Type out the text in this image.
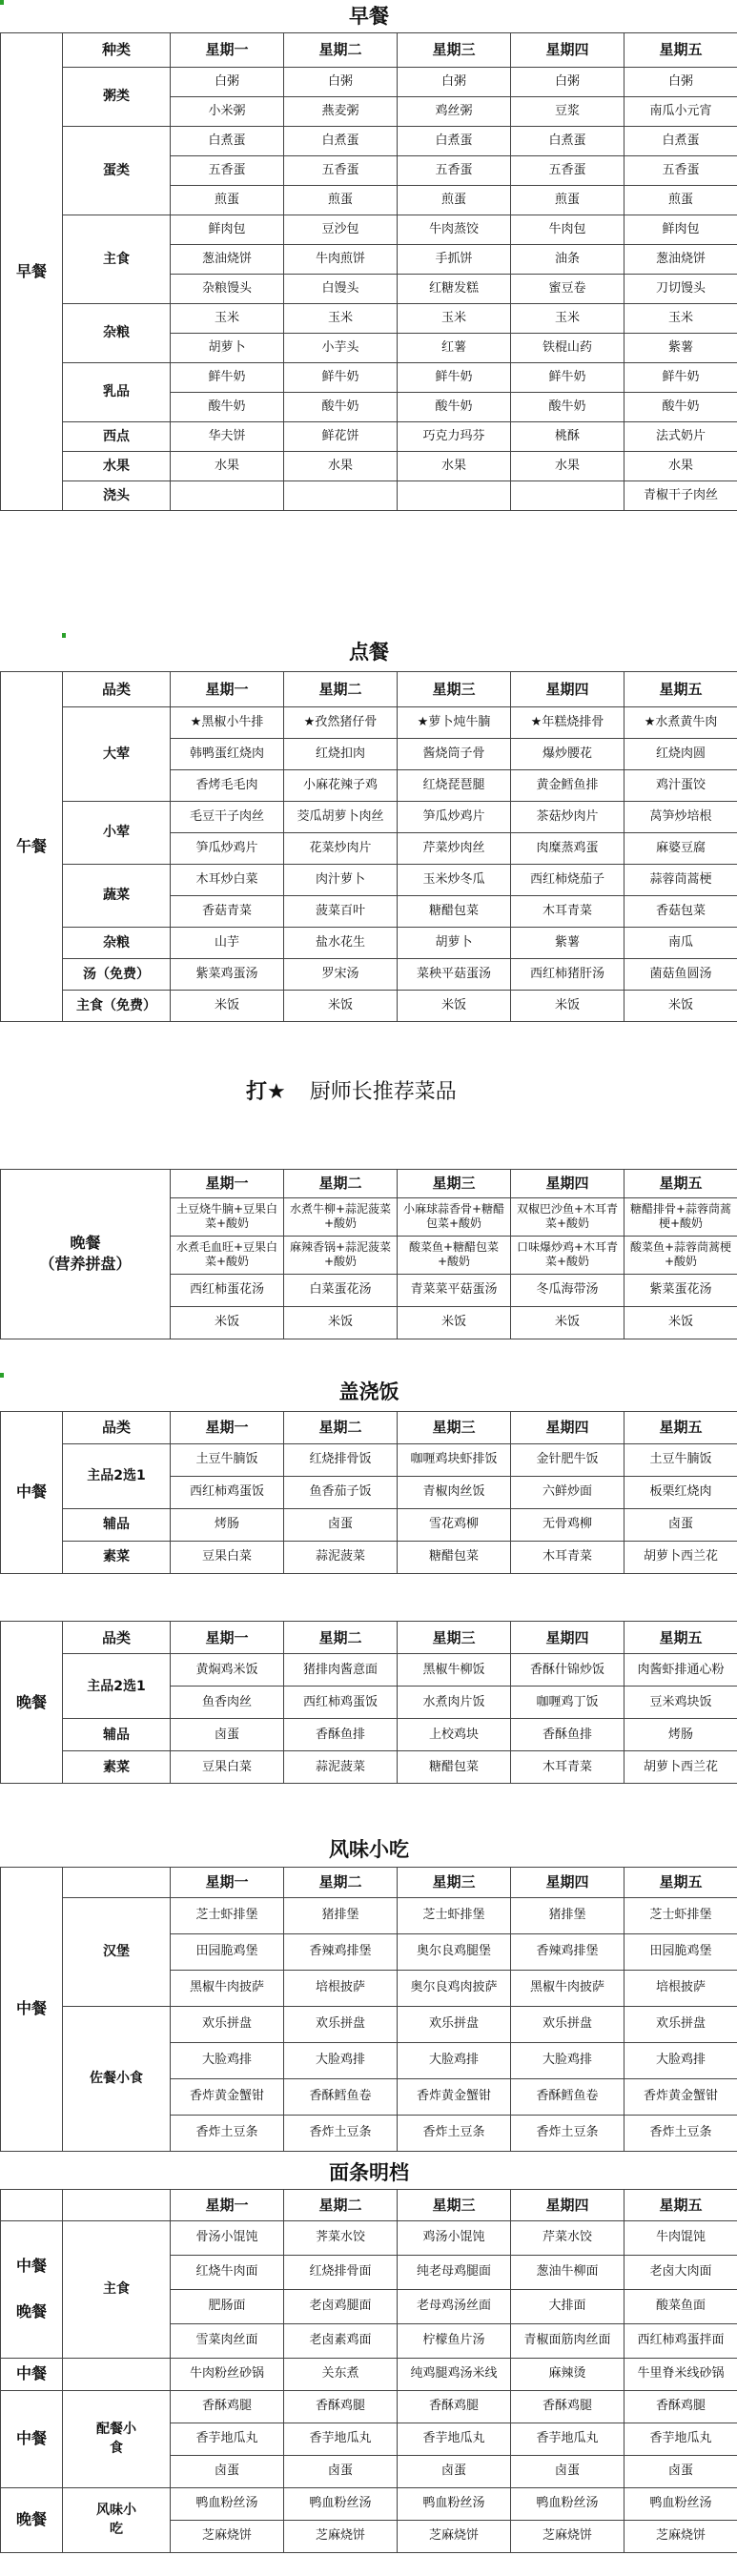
早餐						
早餐	种类	星期一	星期二	星期三	星期四	星期五
	粥类	白粥	白粥	白粥	白粥	白粥
		小米粥	燕麦粥	鸡丝粥	豆浆	南瓜小元宵
	蛋类	白煮蛋	白煮蛋	白煮蛋	白煮蛋	白煮蛋
		五香蛋	五香蛋	五香蛋	五香蛋	五香蛋
		煎蛋	煎蛋	煎蛋	煎蛋	煎蛋
	主食	鲜肉包	豆沙包	牛肉蒸饺	牛肉包	鲜肉包
		葱油烧饼	牛肉煎饼	手抓饼	油条	葱油烧饼
		杂粮馒头	白馒头	红糖发糕	蜜豆卷	刀切馒头
	杂粮	玉米	玉米	玉米	玉米	玉米
		胡萝卜	小芋头	红薯	铁棍山药	紫薯
	乳品	鲜牛奶	鲜牛奶	鲜牛奶	鲜牛奶	鲜牛奶
		酸牛奶	酸牛奶	酸牛奶	酸牛奶	酸牛奶
	西点	华夫饼	鲜花饼	巧克力玛芬	桃酥	法式奶片
	水果	水果	水果	水果	水果	水果
	浇头					青椒干子肉丝
点餐						
午餐	品类	星期一	星期二	星期三	星期四	星期五
	大荤	★黑椒小牛排	★孜然猪仔骨	★萝卜炖牛腩	★年糕烧排骨	★水煮黄牛肉
		韩鸭蛋红烧肉	红烧扣肉	酱烧筒子骨	爆炒腰花	红烧肉圆
		香烤毛毛肉	小麻花辣子鸡	红烧琵琶腿	黄金鳕鱼排	鸡汁蛋饺
	小荤	毛豆干子肉丝	茭瓜胡萝卜肉丝	笋瓜炒鸡片	茶菇炒肉片	莴笋炒培根
		笋瓜炒鸡片	花菜炒肉片	芹菜炒肉丝	肉糜蒸鸡蛋	麻婆豆腐
	蔬菜	木耳炒白菜	肉汁萝卜	玉米炒冬瓜	西红柿烧茄子	蒜蓉茼蒿梗
		香菇青菜	菠菜百叶	糖醋包菜	木耳青菜	香菇包菜
	杂粮	山芋	盐水花生	胡萝卜	紫薯	南瓜
	汤（免费）	紫菜鸡蛋汤	罗宋汤	菜秧平菇蛋汤	西红柿猪肝汤	菌菇鱼圆汤
	主食（免费）	米饭	米饭	米饭	米饭	米饭
打★ 厨师长推荐菜品

晚餐
（营养拼盘）	星期一	星期二	星期三	星期四	星期五
	土豆烧牛腩+豆果白菜+酸奶	水煮牛柳+蒜泥菠菜+酸奶	小麻球蒜香骨+糖醋包菜+酸奶	双椒巴沙鱼+木耳青菜+酸奶	糖醋排骨+蒜蓉茼蒿梗+酸奶
	水煮毛血旺+豆果白菜+酸奶	麻辣香锅+蒜泥菠菜+酸奶	酸菜鱼+糖醋包菜+酸奶	口味爆炒鸡+木耳青菜+酸奶	酸菜鱼+蒜蓉茼蒿梗+酸奶
	西红柿蛋花汤	白菜蛋花汤	青菜菜平菇蛋汤	冬瓜海带汤	紫菜蛋花汤
	米饭	米饭	米饭	米饭	米饭
盖浇饭						
中餐	品类	星期一	星期二	星期三	星期四	星期五
	主品2选1	土豆牛腩饭	红烧排骨饭	咖喱鸡块虾排饭	金针肥牛饭	土豆牛腩饭
		西红柿鸡蛋饭	鱼香茄子饭	青椒肉丝饭	六鲜炒面	板栗红烧肉
	辅品	烤肠	卤蛋	雪花鸡柳	无骨鸡柳	卤蛋
	素菜	豆果白菜	蒜泥菠菜	糖醋包菜	木耳青菜	胡萝卜西兰花
晚餐	品类	星期一	星期二	星期三	星期四	星期五
	主品2选1	黄焖鸡米饭	猪排肉酱意面	黑椒牛柳饭	香酥什锦炒饭	肉酱虾排通心粉
		鱼香肉丝	西红柿鸡蛋饭	水煮肉片饭	咖喱鸡丁饭	豆米鸡块饭
	辅品	卤蛋	香酥鱼排	上校鸡块	香酥鱼排	烤肠
	素菜	豆果白菜	蒜泥菠菜	糖醋包菜	木耳青菜	胡萝卜西兰花
风味小吃						
中餐		星期一	星期二	星期三	星期四	星期五
	汉堡	芝士虾排堡	猪排堡	芝士虾排堡	猪排堡	芝士虾排堡
		田园脆鸡堡	香辣鸡排堡	奥尔良鸡腿堡	香辣鸡排堡	田园脆鸡堡
		黑椒牛肉披萨	培根披萨	奥尔良鸡肉披萨	黑椒牛肉披萨	培根披萨
	佐餐小食	欢乐拼盘	欢乐拼盘	欢乐拼盘	欢乐拼盘	欢乐拼盘
		大脸鸡排	大脸鸡排	大脸鸡排	大脸鸡排	大脸鸡排
		香炸黄金蟹钳	香酥鳕鱼卷	香炸黄金蟹钳	香酥鳕鱼卷	香炸黄金蟹钳
		香炸土豆条	香炸土豆条	香炸土豆条	香炸土豆条	香炸土豆条
面条明档						
		星期一	星期二	星期三	星期四	星期五

中餐
晚餐	主食	骨汤小馄饨	荠菜水饺	鸡汤小馄饨	芹菜水饺	牛肉馄饨
		红烧牛肉面	红烧排骨面	纯老母鸡腿面	葱油牛柳面	老卤大肉面
		肥肠面	老卤鸡腿面	老母鸡汤丝面	大排面	酸菜鱼面
		雪菜肉丝面	老卤素鸡面	柠檬鱼片汤	青椒面筋肉丝面	西红柿鸡蛋拌面
中餐		牛肉粉丝砂锅	关东煮	纯鸡腿鸡汤米线	麻辣烫	牛里脊米线砂锅
中餐	配餐小食	香酥鸡腿	香酥鸡腿	香酥鸡腿	香酥鸡腿	香酥鸡腿
		香芋地瓜丸	香芋地瓜丸	香芋地瓜丸	香芋地瓜丸	香芋地瓜丸
		卤蛋	卤蛋	卤蛋	卤蛋	卤蛋
晚餐	风味小吃	鸭血粉丝汤	鸭血粉丝汤	鸭血粉丝汤	鸭血粉丝汤	鸭血粉丝汤
		芝麻烧饼	芝麻烧饼	芝麻烧饼	芝麻烧饼	芝麻烧饼
